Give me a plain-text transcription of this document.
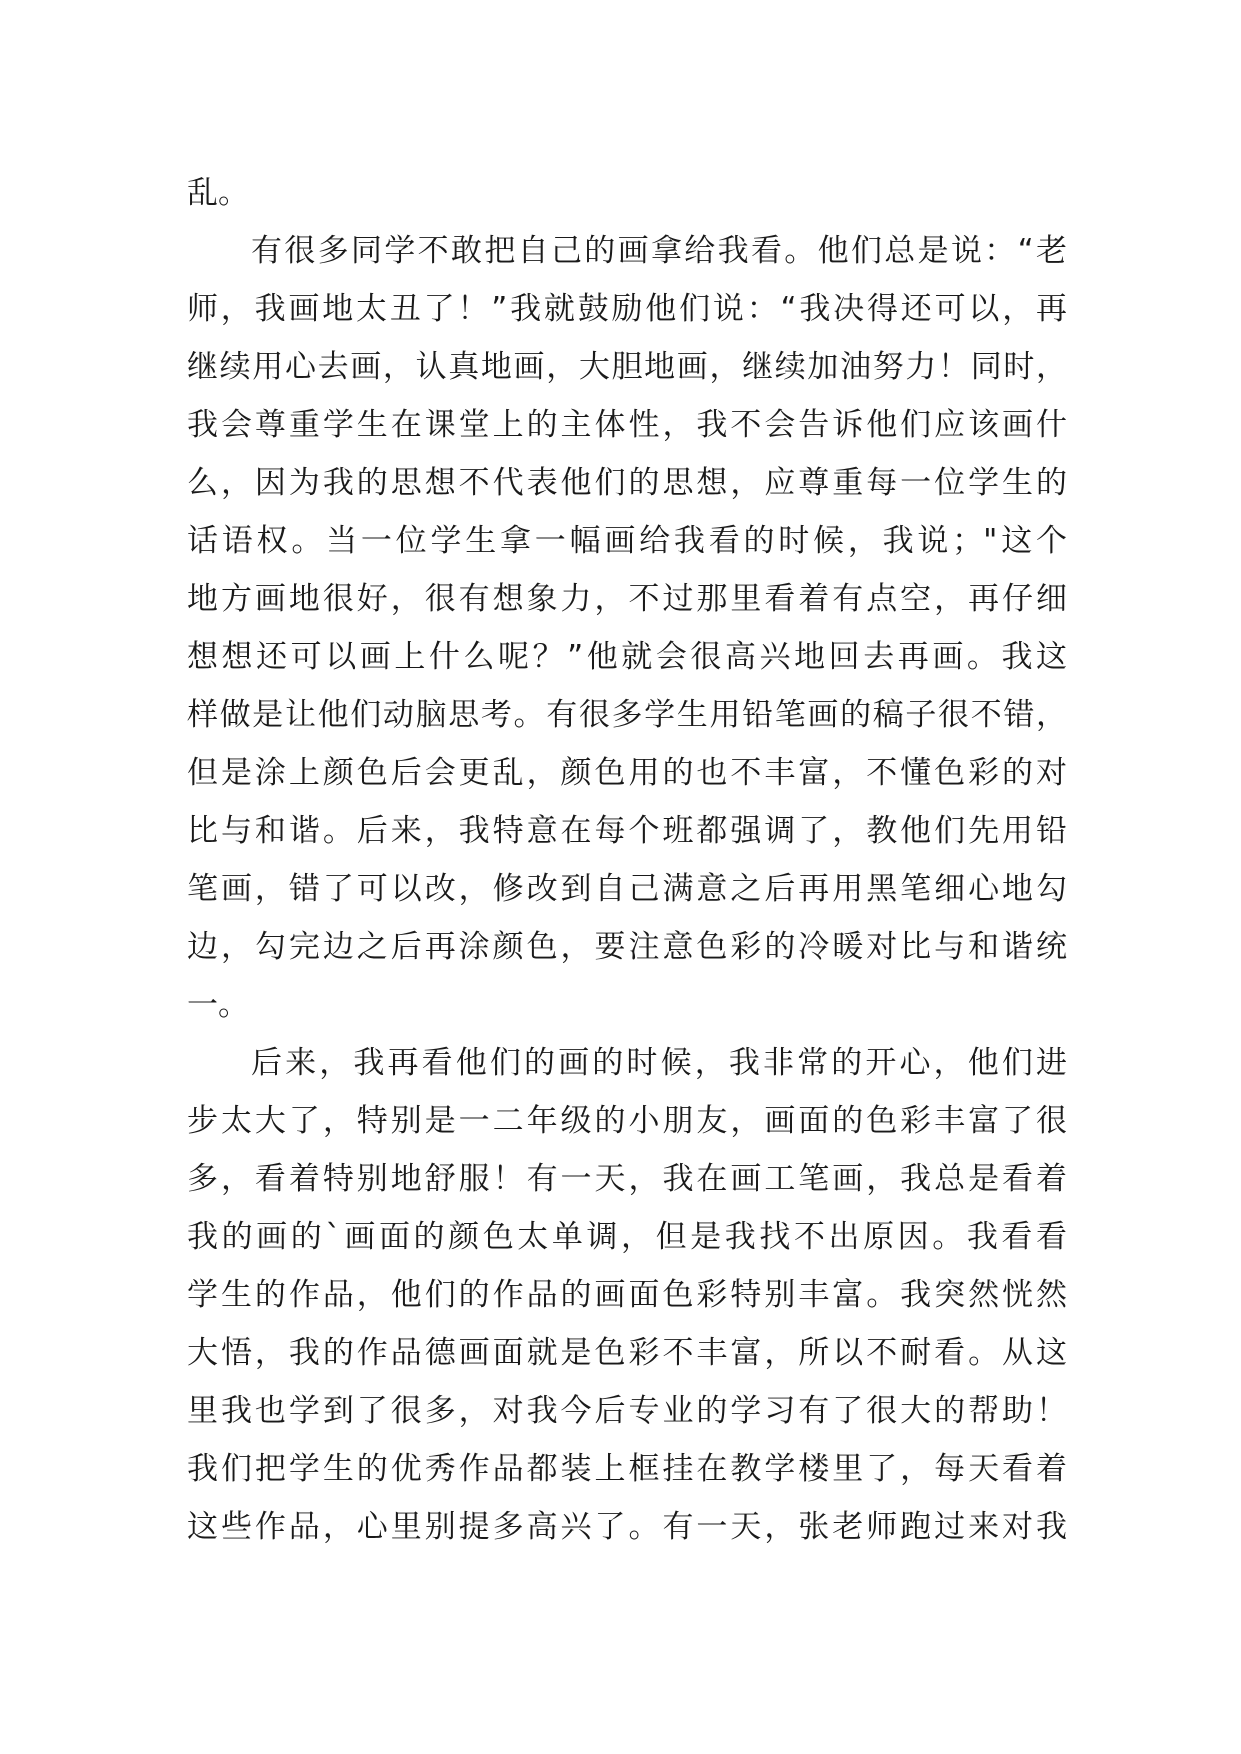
乱。
有很多同学不敢把自己的画拿给我看。他们总是说：“老
师，我画地太丑了！”我就鼓励他们说：“我决得还可以，再
继续用心去画，认真地画，大胆地画，继续加油努力！同时，
我会尊重学生在课堂上的主体性，我不会告诉他们应该画什
么，因为我的思想不代表他们的思想，应尊重每一位学生的
话语权。当一位学生拿一幅画给我看的时候，我说；"这个
地方画地很好，很有想象力，不过那里看着有点空，再仔细
想想还可以画上什么呢？”他就会很高兴地回去再画。我这
样做是让他们动脑思考。有很多学生用铅笔画的稿子很不错，
但是涂上颜色后会更乱，颜色用的也不丰富，不懂色彩的对
比与和谐。后来，我特意在每个班都强调了，教他们先用铅
笔画，错了可以改，修改到自己满意之后再用黑笔细心地勾
边，勾完边之后再涂颜色，要注意色彩的冷暖对比与和谐统
一。
后来，我再看他们的画的时候，我非常的开心，他们进
步太大了，特别是一二年级的小朋友，画面的色彩丰富了很
多，看着特别地舒服！有一天，我在画工笔画，我总是看着
我的画的`画面的颜色太单调，但是我找不出原因。我看看
学生的作品，他们的作品的画面色彩特别丰富。我突然恍然
大悟，我的作品德画面就是色彩不丰富，所以不耐看。从这
里我也学到了很多，对我今后专业的学习有了很大的帮助！
我们把学生的优秀作品都装上框挂在教学楼里了，每天看着
这些作品，心里别提多高兴了。有一天，张老师跑过来对我
